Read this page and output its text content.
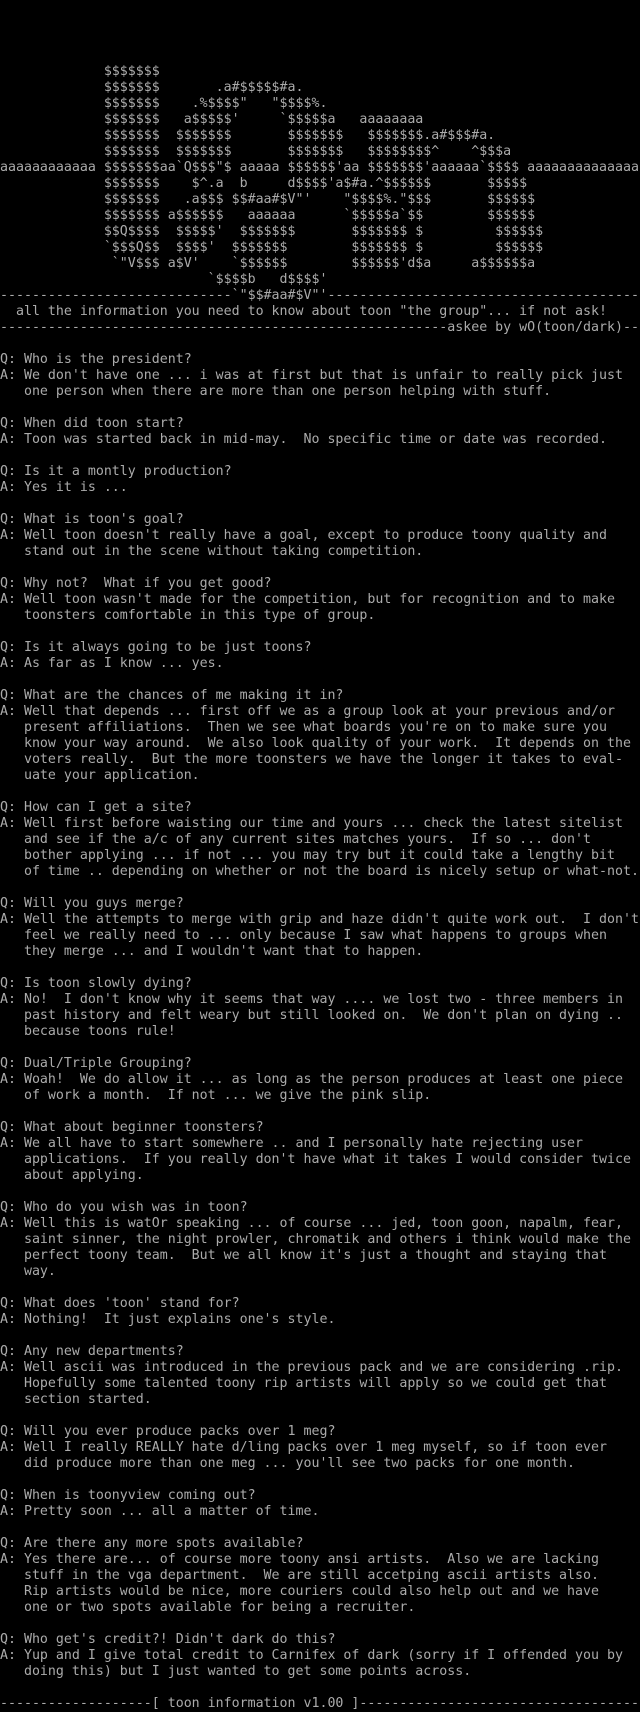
$$$$$$$
$$$$$$$       .a#$$$$$#a.
$$$$$$$    .%$$$$"   "$$$$%.
$$$$$$$   a$$$$$'     `$$$$$a   aaaaaaaa
$$$$$$$  $$$$$$$       $$$$$$$   $$$$$$$.a#$$$#a.
$$$$$$$  $$$$$$$       $$$$$$$   $$$$$$$$^    ^$$$a
aaaaaaaaaaaa $$$$$$$aa`Q$$$"$ aaaaa $$$$$$'aa $$$$$$$'aaaaaa`$$$$ aaaaaaaaaaaaaa
$$$$$$$    $^.a  b     d$$$$'a$#a.^$$$$$$       $$$$$
$$$$$$$   .a$$$ $$#aa#$V"'    "$$$$%."$$$       $$$$$$
$$$$$$$ a$$$$$$   aaaaaa      `$$$$$a`$$        $$$$$$
$$Q$$$$  $$$$$'  $$$$$$$       $$$$$$$ $         $$$$$$
`$$$Q$$  $$$$'  $$$$$$$        $$$$$$$ $         $$$$$$
`"V$$$ a$V'    `$$$$$$        $$$$$$'d$a     a$$$$$$a
`$$$$b   d$$$$'
-----------------------------`"$$#aa#$V"'---------------------------------------
all the information you need to know about toon "the group"... if not ask!
--------------------------------------------------------askee by wO(toon/dark)--
Q: Who is the president?
A: We don't have one ... i was at first but that is unfair to really pick just
one person when there are more than one person helping with stuff.
Q: When did toon start?
A: Toon was started back in mid-may.  No specific time or date was recorded.
Q: Is it a montly production?
A: Yes it is ...
Q: What is toon's goal?
A: Well toon doesn't really have a goal, except to produce toony quality and
stand out in the scene without taking competition.
Q: Why not?  What if you get good?
A: Well toon wasn't made for the competition, but for recognition and to make
toonsters comfortable in this type of group.
Q: Is it always going to be just toons?
A: As far as I know ... yes.
Q: What are the chances of me making it in?
A: Well that depends ... first off we as a group look at your previous and/or
present affiliations.  Then we see what boards you're on to make sure you
know your way around.  We also look quality of your work.  It depends on the
voters really.  But the more toonsters we have the longer it takes to eval-
uate your application.
Q: How can I get a site?
A: Well first before waisting our time and yours ... check the latest sitelist
and see if the a/c of any current sites matches yours.  If so ... don't
bother applying ... if not ... you may try but it could take a lengthy bit
of time .. depending on whether or not the board is nicely setup or what-not.
Q: Will you guys merge?
A: Well the attempts to merge with grip and haze didn't quite work out.  I don't
feel we really need to ... only because I saw what happens to groups when
they merge ... and I wouldn't want that to happen.
Q: Is toon slowly dying?
A: No!  I don't know why it seems that way .... we lost two - three members in
past history and felt weary but still looked on.  We don't plan on dying ..
because toons rule!
Q: Dual/Triple Grouping?
A: Woah!  We do allow it ... as long as the person produces at least one piece
of work a month.  If not ... we give the pink slip.
Q: What about beginner toonsters?
A: We all have to start somewhere .. and I personally hate rejecting user
applications.  If you really don't have what it takes I would consider twice
about applying.
Q: Who do you wish was in toon?
A: Well this is watOr speaking ... of course ... jed, toon goon, napalm, fear,
saint sinner, the night prowler, chromatik and others i think would make the
perfect toony team.  But we all know it's just a thought and staying that
way.
Q: What does 'toon' stand for?
A: Nothing!  It just explains one's style.
Q: Any new departments?
A: Well ascii was introduced in the previous pack and we are considering .rip.
Hopefully some talented toony rip artists will apply so we could get that
section started.
Q: Will you ever produce packs over 1 meg?
A: Well I really REALLY hate d/ling packs over 1 meg myself, so if toon ever
did produce more than one meg ... you'll see two packs for one month.
Q: When is toonyview coming out?
A: Pretty soon ... all a matter of time.
Q: Are there any more spots available?
A: Yes there are... of course more toony ansi artists.  Also we are lacking
stuff in the vga department.  We are still accetping ascii artists also.
Rip artists would be nice, more couriers could also help out and we have
one or two spots available for being a recruiter.
Q: Who get's credit?! Didn't dark do this?
A: Yup and I give total credit to Carnifex of dark (sorry if I offended you by
doing this) but I just wanted to get some points across.
-------------------[ toon information v1.00 ]-----------------------------------
